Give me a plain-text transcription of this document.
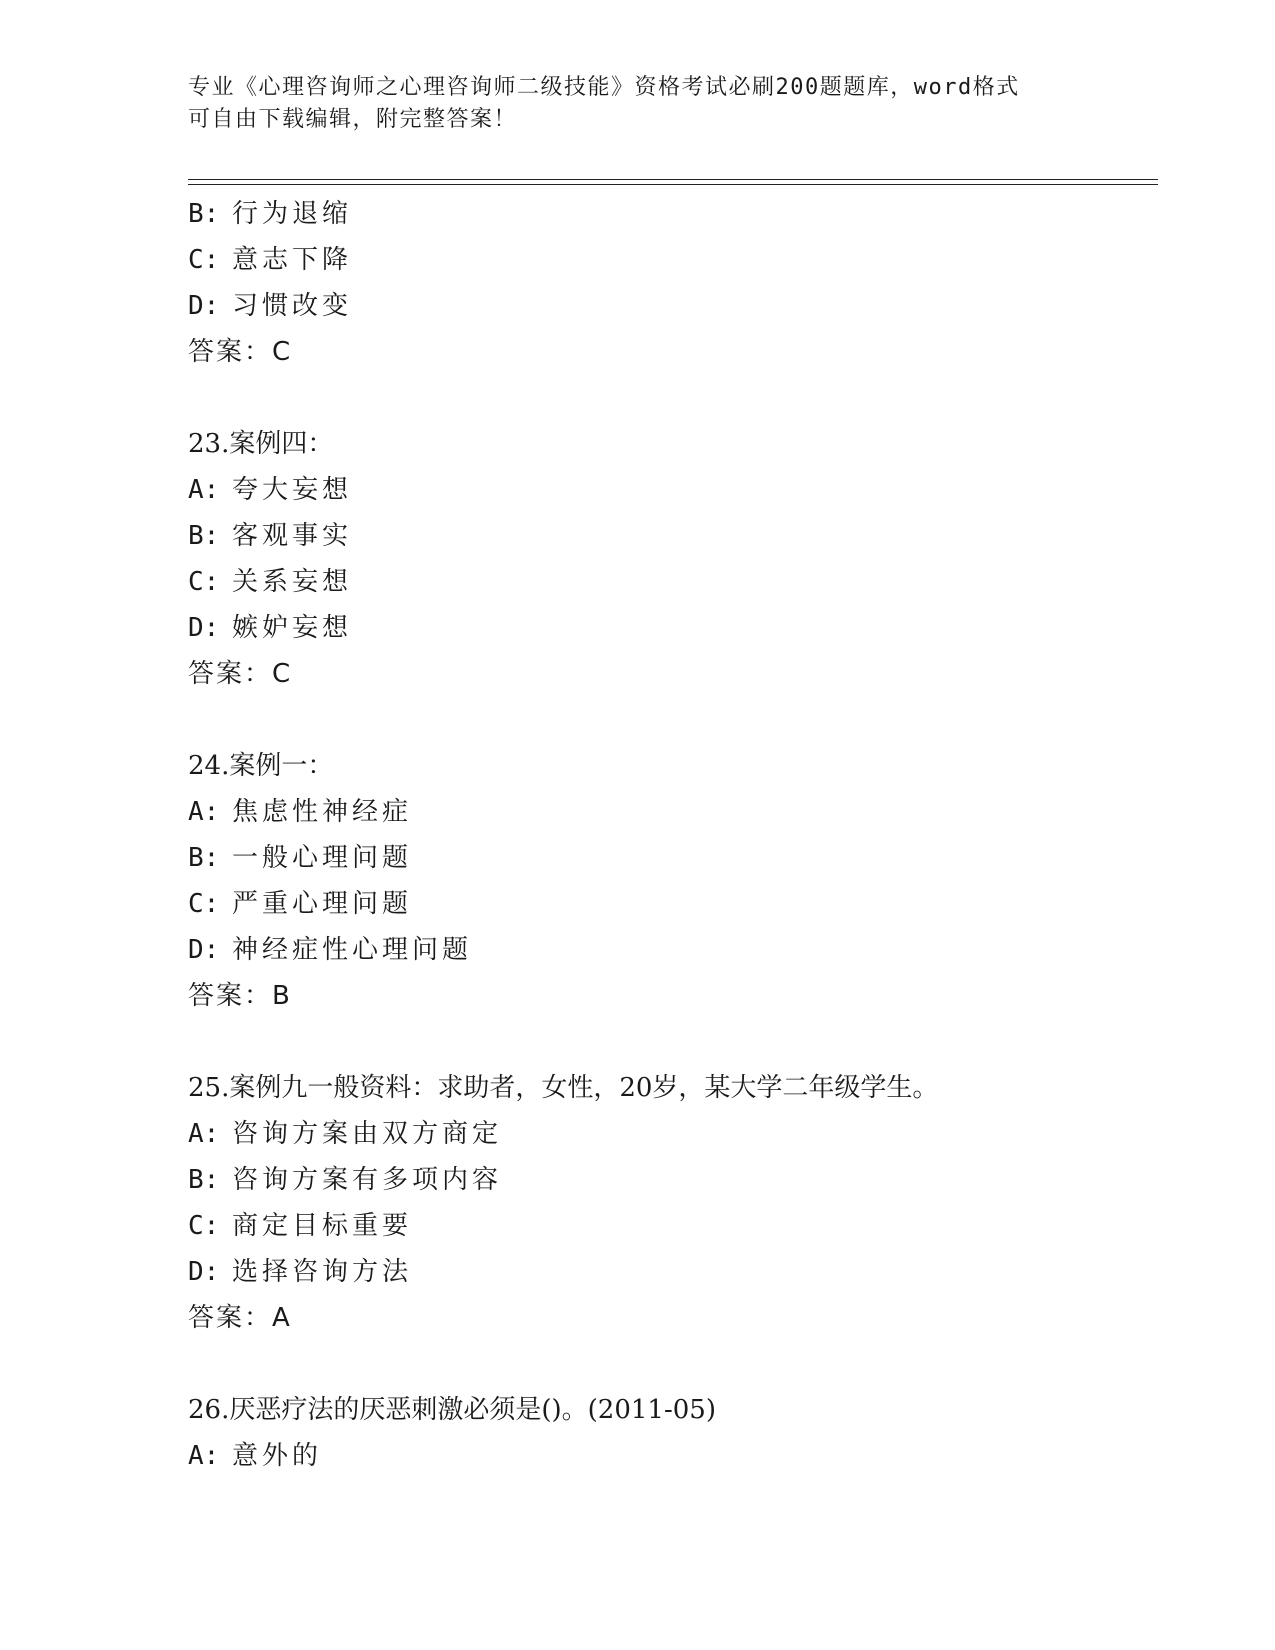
专业《心理咨询师之心理咨询师二级技能》资格考试必刷200题题库，word格式
可自由下载编辑，附完整答案！
B: 行为退缩
C: 意志下降
D: 习惯改变
答案：C
23.案例四：
A: 夸大妄想
B: 客观事实
C: 关系妄想
D: 嫉妒妄想
答案：C
24.案例一：
A: 焦虑性神经症
B: 一般心理问题
C: 严重心理问题
D: 神经症性心理问题
答案：B
25.案例九一般资料：求助者，女性，20岁，某大学二年级学生。
A: 咨询方案由双方商定
B: 咨询方案有多项内容
C: 商定目标重要
D: 选择咨询方法
答案：A
26.厌恶疗法的厌恶刺激必须是()。(2011-05)
A: 意外的
